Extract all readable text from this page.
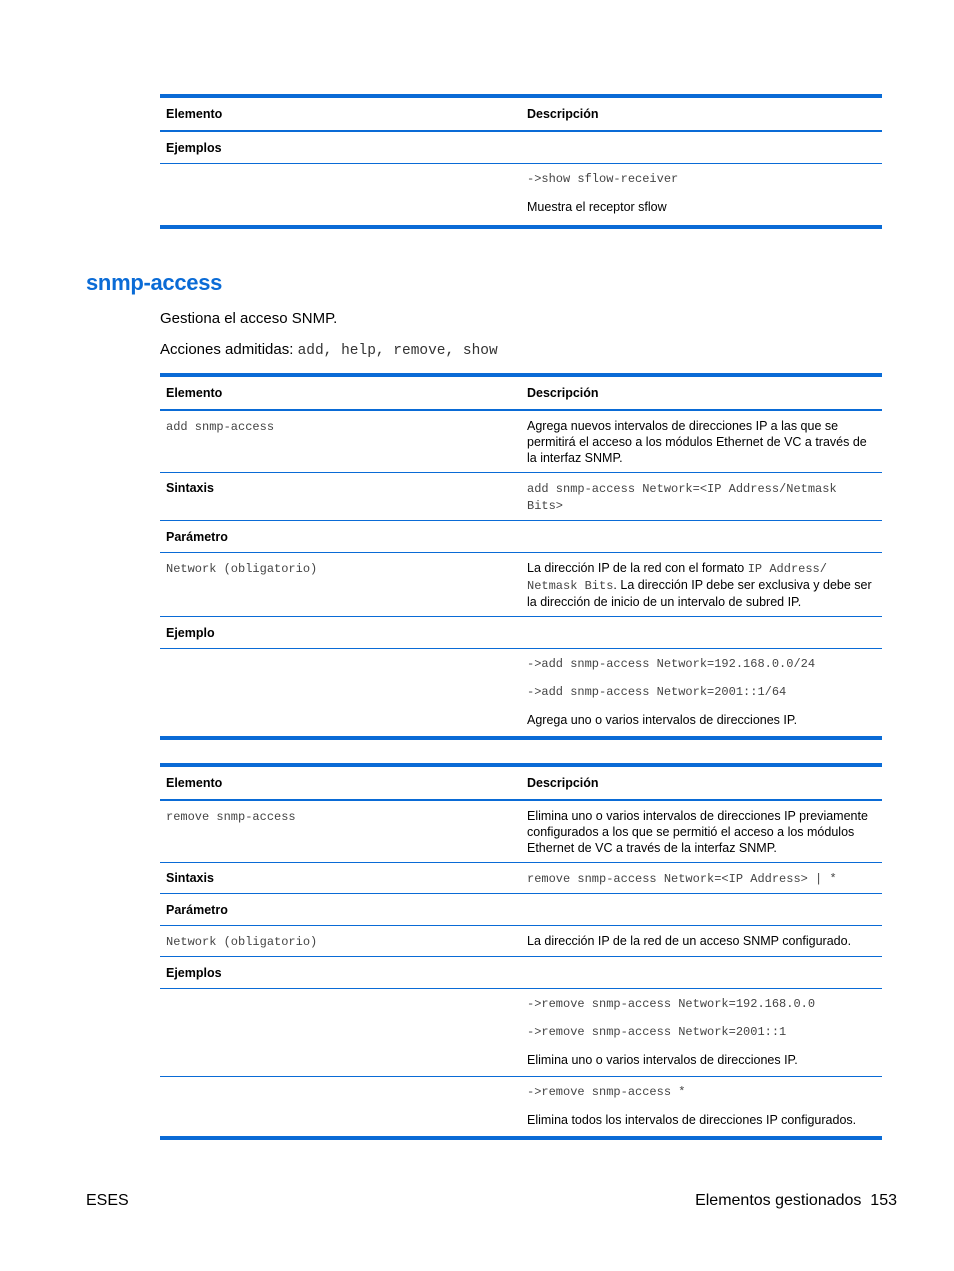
Elemento	Descripción
Ejemplos	

	->show sflow-receiver
Muestra el receptor sflow
snmp-access
Gestiona el acceso SNMP.
Acciones admitidas: add, help, remove, show
Elemento	Descripción
add snmp-access	Agrega nuevos intervalos de direcciones IP a las que se permitirá el acceso a los módulos Ethernet de VC a través de la interfaz SNMP.
Sintaxis	add snmp-access Network=<IP Address/Netmask Bits>
Parámetro	
Network (obligatorio)	La dirección IP de la red con el formato IP Address/ Netmask Bits. La dirección IP debe ser exclusiva y debe ser la dirección de inicio de un intervalo de subred IP.
Ejemplo	

	->add snmp-access Network=192.168.0.0/24
->add snmp-access Network=2001::1/64
Agrega uno o varios intervalos de direcciones IP.
Elemento	Descripción
remove snmp-access	Elimina uno o varios intervalos de direcciones IP previamente configurados a los que se permitió el acceso a los módulos Ethernet de VC a través de la interfaz SNMP.
Sintaxis	remove snmp-access Network=<IP Address> | *
Parámetro	
Network (obligatorio)	La dirección IP de la red de un acceso SNMP configurado.
Ejemplos	

	->remove snmp-access Network=192.168.0.0
->remove snmp-access Network=2001::1
Elimina uno o varios intervalos de direcciones IP.

	->remove snmp-access *
Elimina todos los intervalos de direcciones IP configurados.
ESES	Elementos gestionados 153
